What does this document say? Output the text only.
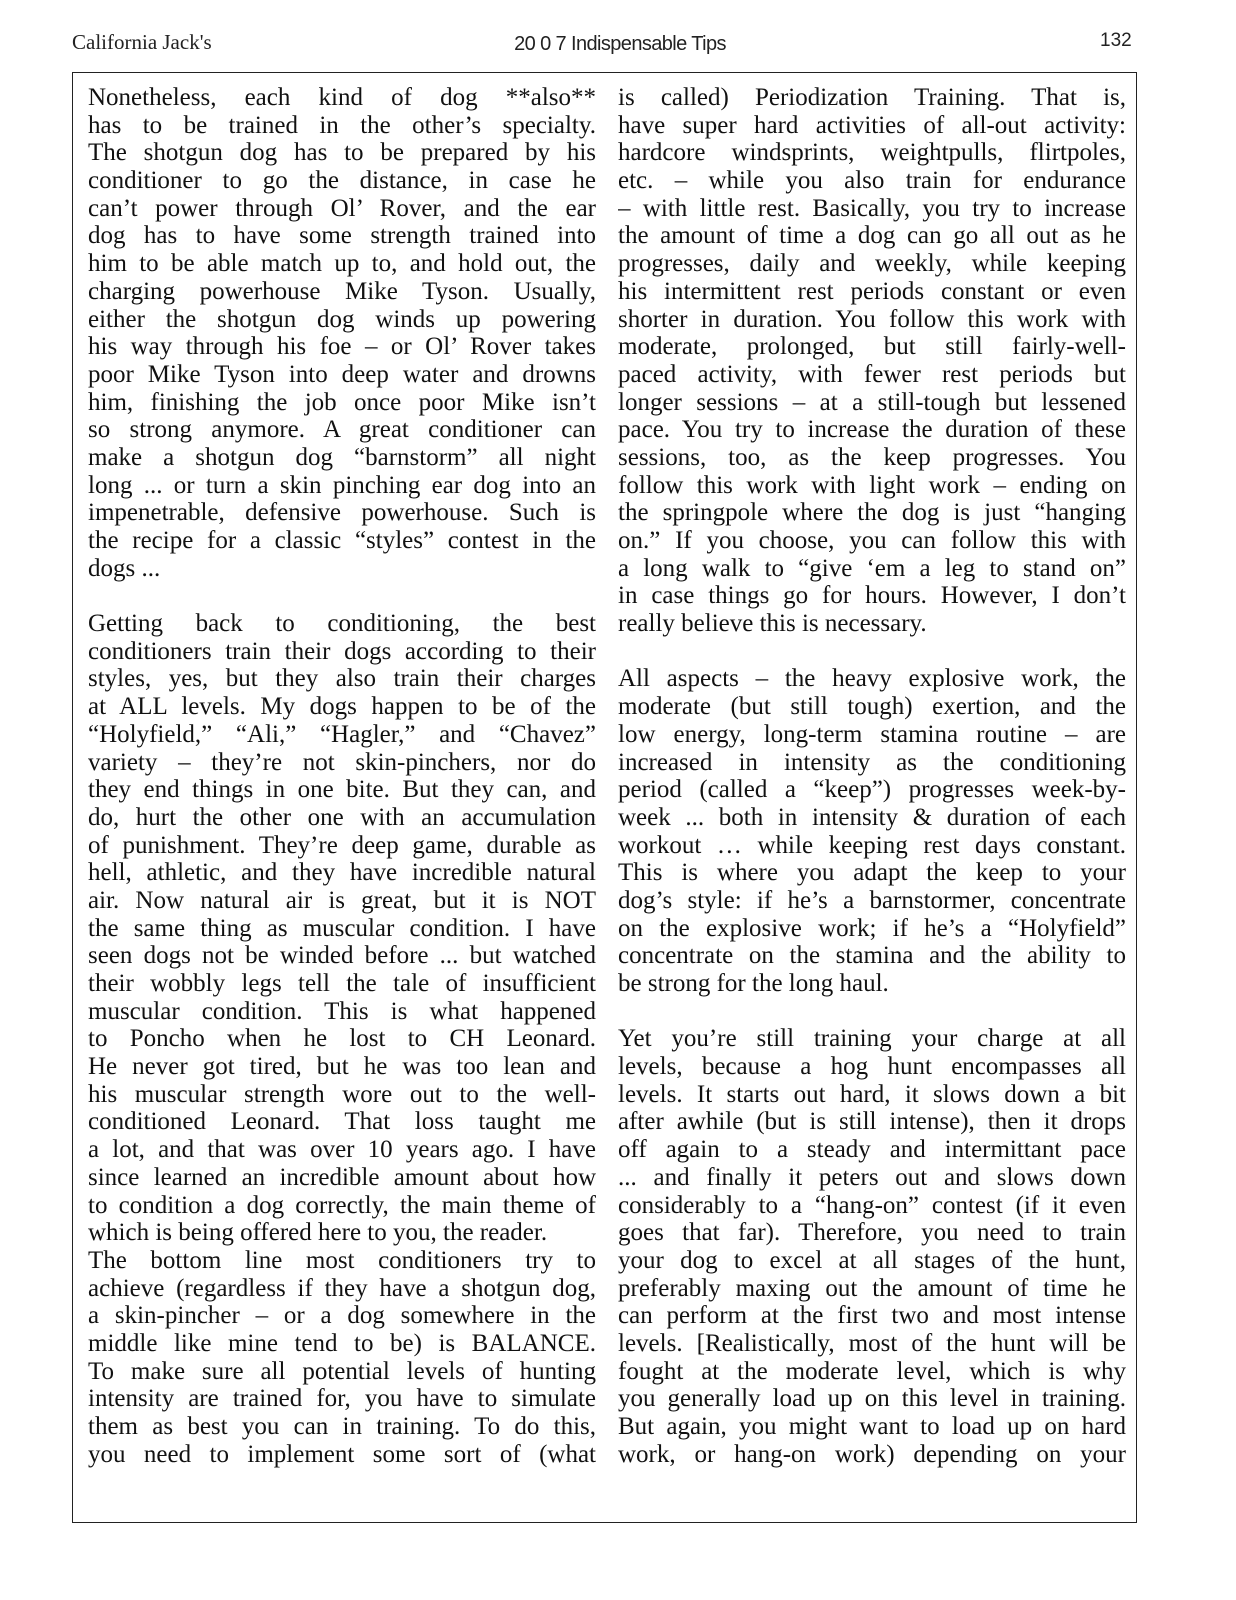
California Jack's	20 0 7 Indispensable Tips	132
Nonetheless, each kind of dog **also**
has to be trained in the other’s specialty.
The shotgun dog has to be prepared by his
conditioner to go the distance, in case he
can’t power through Ol’ Rover, and the ear
dog has to have some strength trained into
him to be able match up to, and hold out, the
charging powerhouse Mike Tyson. Usually,
either the shotgun dog winds up powering
his way through his foe – or Ol’ Rover takes
poor Mike Tyson into deep water and drowns
him, finishing the job once poor Mike isn’t
so strong anymore. A great conditioner can
make a shotgun dog “barnstorm” all night
long ... or turn a skin pinching ear dog into an
impenetrable, defensive powerhouse. Such is
the recipe for a classic “styles” contest in the
dogs ...
Getting back to conditioning, the best
conditioners train their dogs according to their
styles, yes, but they also train their charges
at ALL levels. My dogs happen to be of the
“Holyfield,” “Ali,” “Hagler,” and “Chavez”
variety – they’re not skin-pinchers, nor do
they end things in one bite. But they can, and
do, hurt the other one with an accumulation
of punishment. They’re deep game, durable as
hell, athletic, and they have incredible natural
air. Now natural air is great, but it is NOT
the same thing as muscular condition. I have
seen dogs not be winded before ... but watched
their wobbly legs tell the tale of insufficient
muscular condition. This is what happened
to Poncho when he lost to CH Leonard.
He never got tired, but he was too lean and
his muscular strength wore out to the well-
conditioned Leonard. That loss taught me
a lot, and that was over 10 years ago. I have
since learned an incredible amount about how
to condition a dog correctly, the main theme of
which is being offered here to you, the reader.
The bottom line most conditioners try to
achieve (regardless if they have a shotgun dog,
a skin-pincher – or a dog somewhere in the
middle like mine tend to be) is BALANCE.
To make sure all potential levels of hunting
intensity are trained for, you have to simulate
them as best you can in training. To do this,
you need to implement some sort of (what
is called) Periodization Training. That is,
have super hard activities of all-out activity:
hardcore windsprints, weightpulls, flirtpoles,
etc. – while you also train for endurance
– with little rest. Basically, you try to increase
the amount of time a dog can go all out as he
progresses, daily and weekly, while keeping
his intermittent rest periods constant or even
shorter in duration. You follow this work with
moderate, prolonged, but still fairly-well-
paced activity, with fewer rest periods but
longer sessions – at a still-tough but lessened
pace. You try to increase the duration of these
sessions, too, as the keep progresses. You
follow this work with light work – ending on
the springpole where the dog is just “hanging
on.” If you choose, you can follow this with
a long walk to “give ‘em a leg to stand on”
in case things go for hours. However, I don’t
really believe this is necessary.
All aspects – the heavy explosive work, the
moderate (but still tough) exertion, and the
low energy, long-term stamina routine – are
increased in intensity as the conditioning
period (called a “keep”) progresses week-by-
week ... both in intensity & duration of each
workout … while keeping rest days constant.
This is where you adapt the keep to your
dog’s style: if he’s a barnstormer, concentrate
on the explosive work; if he’s a “Holyfield”
concentrate on the stamina and the ability to
be strong for the long haul.
Yet you’re still training your charge at all
levels, because a hog hunt encompasses all
levels. It starts out hard, it slows down a bit
after awhile (but is still intense), then it drops
off again to a steady and intermittant pace
... and finally it peters out and slows down
considerably to a “hang-on” contest (if it even
goes that far). Therefore, you need to train
your dog to excel at all stages of the hunt,
preferably maxing out the amount of time he
can perform at the first two and most intense
levels. [Realistically, most of the hunt will be
fought at the moderate level, which is why
you generally load up on this level in training.
But again, you might want to load up on hard
work, or hang-on work) depending on your
